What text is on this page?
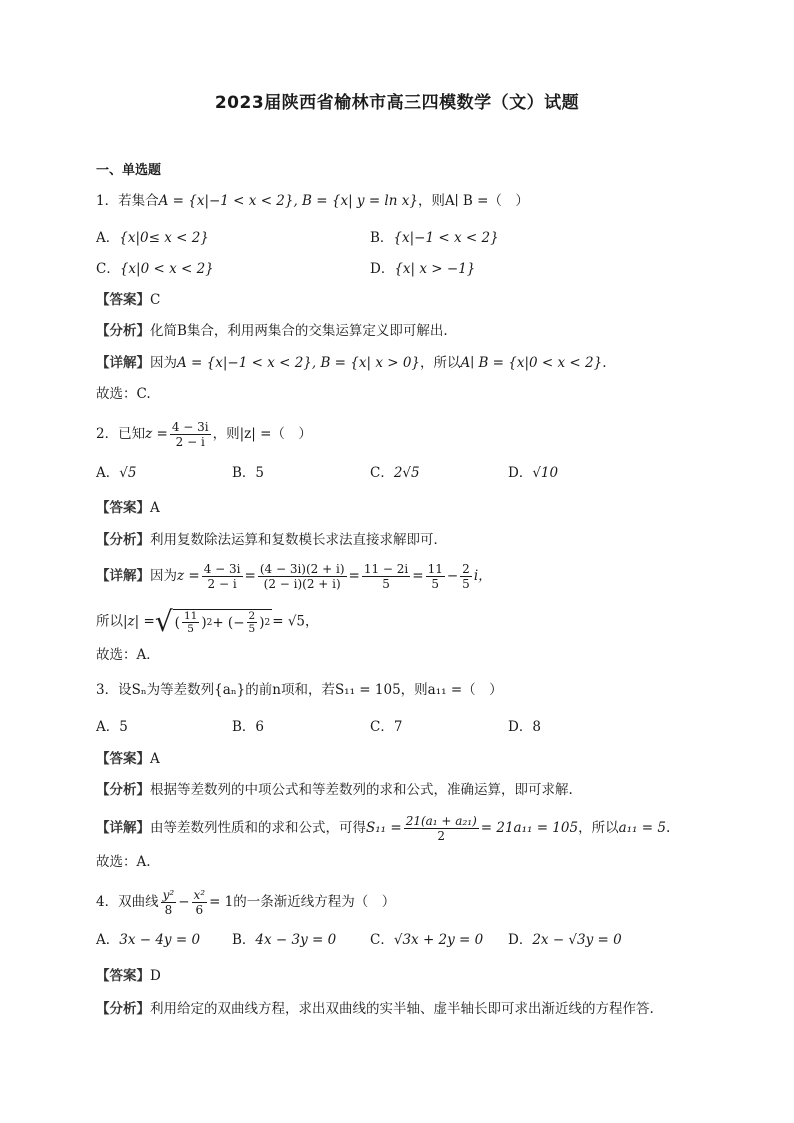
2023届陕西省榆林市高三四模数学（文）试题
一、单选题
1．若集合A = {x|−1 < x < 2}, B = {x| y = ln x}，则A∣ B =（　）
A．{x|0≤ x < 2}	B．{x|−1 < x < 2}
C．{x|0 < x < 2}	D．{x| x > −1}
【答案】C
【分析】化简B集合，利用两集合的交集运算定义即可解出.
【详解】因为A = {x|−1 < x < 2}, B = {x| x > 0}，所以A∣ B = {x|0 < x < 2}.
故选：C.
2．已知$z = \frac{4 - 3i}{2 - i}$ ，则|z| =（　）
A．√5	B．5	C．2√5	D．√10
【答案】A
【分析】利用复数除法运算和复数模长求法直接求解即可．
【详解】因为$z = \frac{4 - 3i}{2 - i} = \frac{(4 - 3i)(2 + i)}{(2 - i)(2 + i)} = \frac{11 - 2i}{5} = \frac{11}{5} - \frac{2}{5}$ i，
所以|z| = √ ( $\frac{11}{5}$ ) 2 + (− $\frac{2}{5}$ ) 2 = √5，
故选：A．
3．设Sₙ为等差数列{aₙ}的前n项和，若S₁₁ = 105，则a₁₁ =（　）
A．5	B．6	C．7	D．8
【答案】A
【分析】根据等差数列的中项公式和等差数列的求和公式，准确运算，即可求解.
【详解】由等差数列性质和的求和公式，可得$S_{11} = \frac{\text{21(a₁ + a₂₁)}}{2} = 21a_{11} = 105$，所以a₁₁ = 5.
故选：A.
4．双曲线 $\frac{\text{y²}}{8} - \frac{\text{x²}}{6} = 1$的一条渐近线方程为（　）
A．3x − 4y = 0 B．4x − 3y = 0	C．√3x + 2y = 0 D．2x − √3y = 0
【答案】D
【分析】利用给定的双曲线方程，求出双曲线的实半轴、虚半轴长即可求出渐近线的方程作答.
